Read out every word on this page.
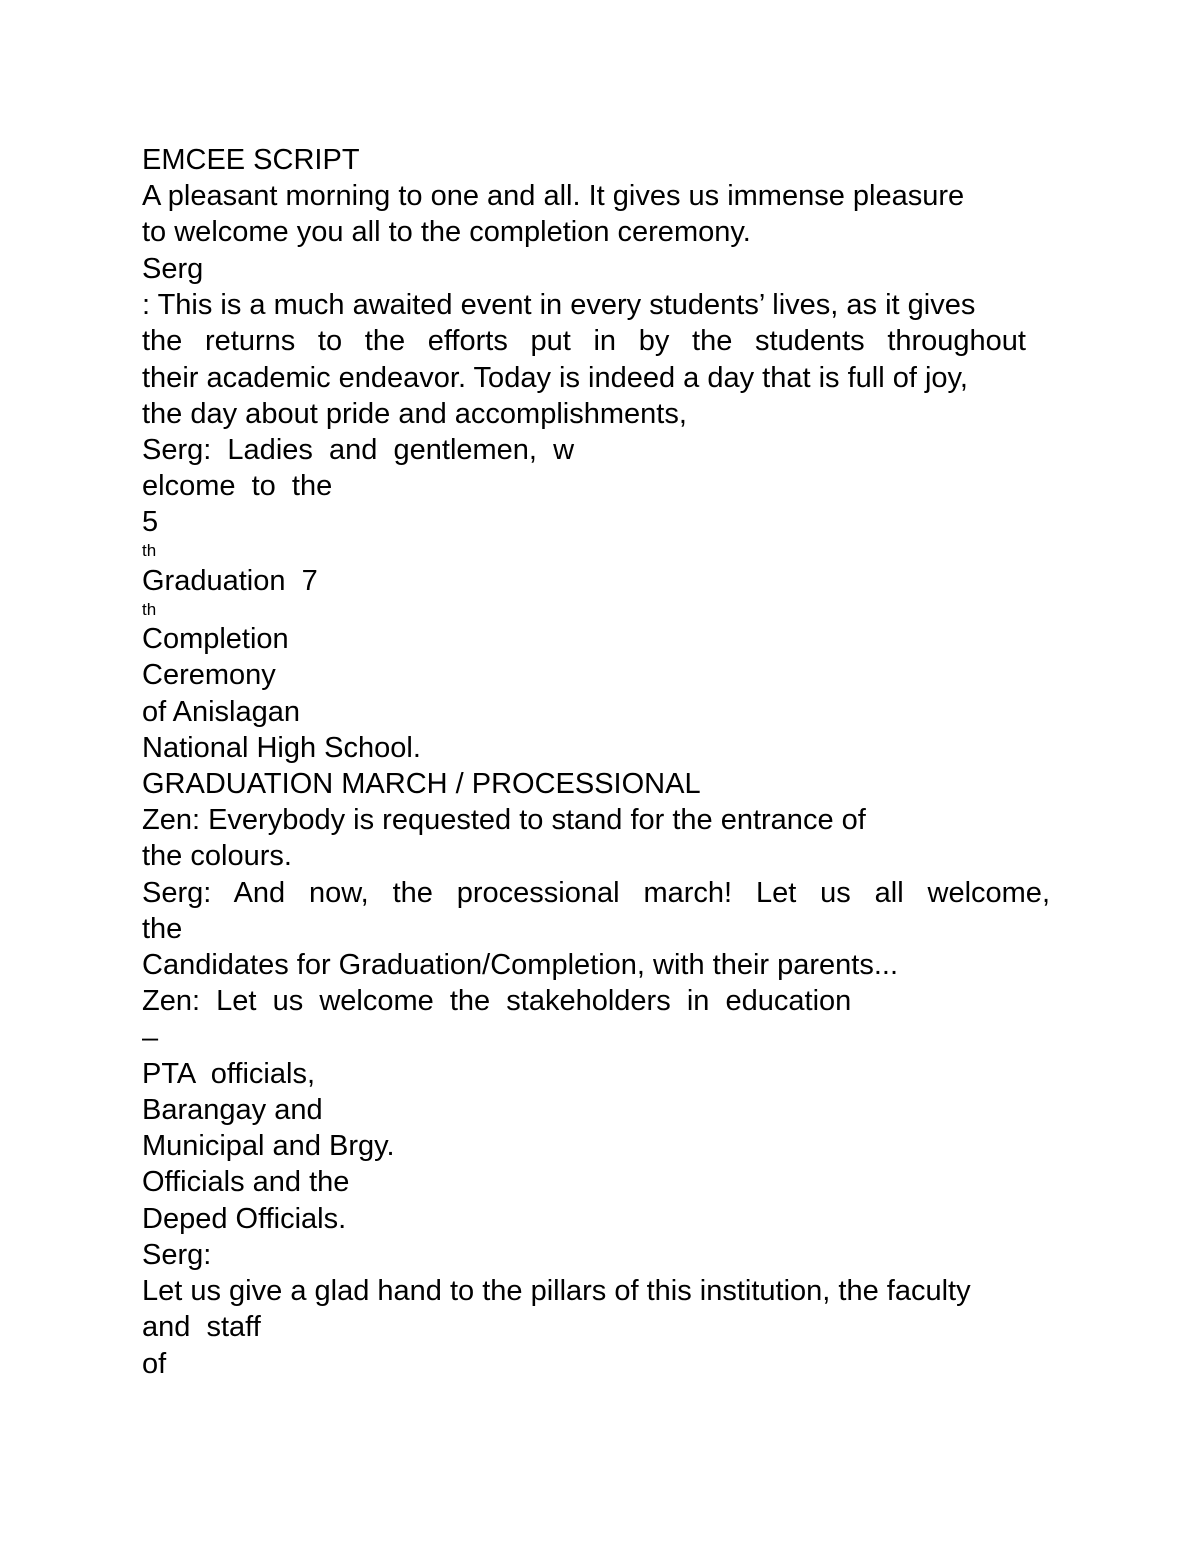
EMCEE SCRIPT
A pleasant morning to one and all. It gives us immense pleasure
to welcome you all to the completion ceremony.
Serg
: This is a much awaited event in every students’ lives, as it gives
the returns to the efforts put in by the students throughout
their academic endeavor. Today is indeed a day that is full of joy,
the day about pride and accomplishments,
Serg:  Ladies  and  gentlemen,  w
elcome  to  the
5
th
Graduation  7
th
Completion
Ceremony
of Anislagan
National High School.
GRADUATION MARCH / PROCESSIONAL
Zen: Everybody is requested to stand for the entrance of
the colours.
Serg: And now, the processional march! Let us all welcome,
the
Candidates for Graduation/Completion, with their parents...
Zen:  Let  us  welcome  the  stakeholders  in  education
–
PTA  officials,
Barangay and
Municipal and Brgy.
Officials and the
Deped Officials.
Serg:
Let us give a glad hand to the pillars of this institution, the faculty
and  staff
of
